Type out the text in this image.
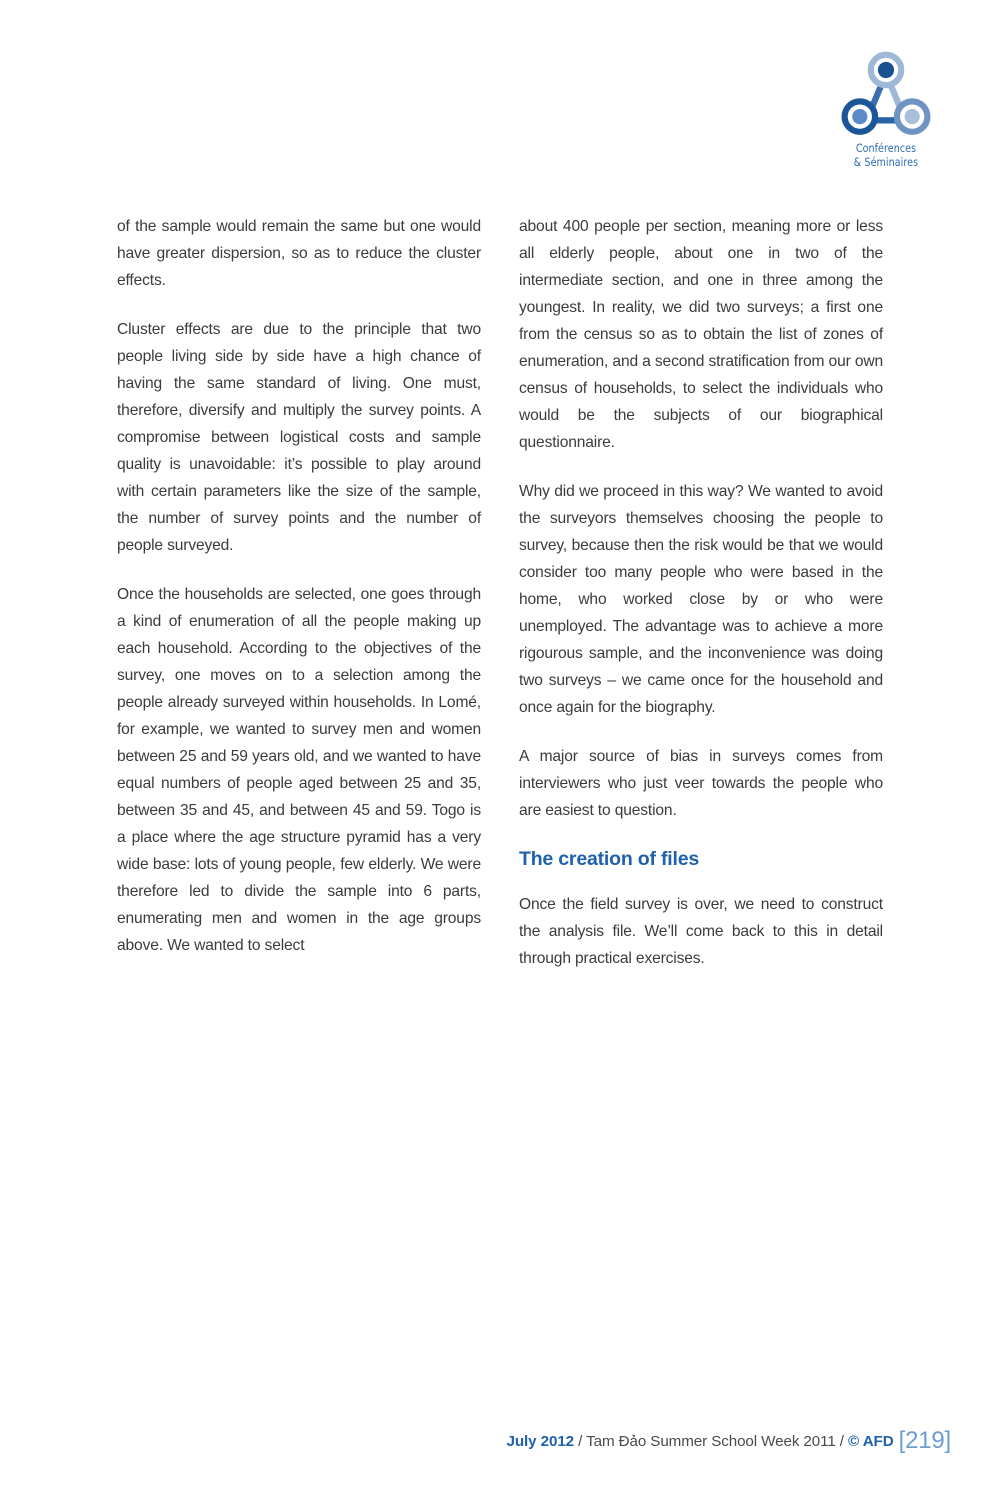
Conférences
& Séminaires

of the sample would remain the same but one would have greater dispersion, so as to reduce the cluster effects.

Cluster effects are due to the principle that two people living side by side have a high chance of having the same standard of living. One must, therefore, diversify and multiply the survey points. A compromise between logistical costs and sample quality is unavoidable: it’s possible to play around with certain parameters like the size of the sample, the number of survey points and the number of people surveyed.

Once the households are selected, one goes through a kind of enumeration of all the people making up each household. According to the objectives of the survey, one moves on to a selection among the people already surveyed within households. In Lomé, for example, we wanted to survey men and women between 25 and 59 years old, and we wanted to have equal numbers of people aged between 25 and 35, between 35 and 45, and between 45 and 59. Togo is a place where the age structure pyramid has a very wide base: lots of young people, few elderly. We were therefore led to divide the sample into 6 parts, enumerating men and women in the age groups above. We wanted to select

about 400 people per section, meaning more or less all elderly people, about one in two of the intermediate section, and one in three among the youngest. In reality, we did two surveys; a first one from the census so as to obtain the list of zones of enumeration, and a second stratification from our own census of households, to select the individuals who would be the subjects of our biographical questionnaire.

Why did we proceed in this way? We wanted to avoid the surveyors themselves choosing the people to survey, because then the risk would be that we would consider too many people who were based in the home, who worked close by or who were unemployed. The advantage was to achieve a more rigourous sample, and the inconvenience was doing two surveys – we came once for the household and once again for the biography.

A major source of bias in surveys comes from interviewers who just veer towards the people who are easiest to question.

The creation of files

Once the field survey is over, we need to construct the analysis file. We’ll come back to this in detail through practical exercises.

July 2012 / Tam Đảo Summer School Week 2011 / © AFD [219]
